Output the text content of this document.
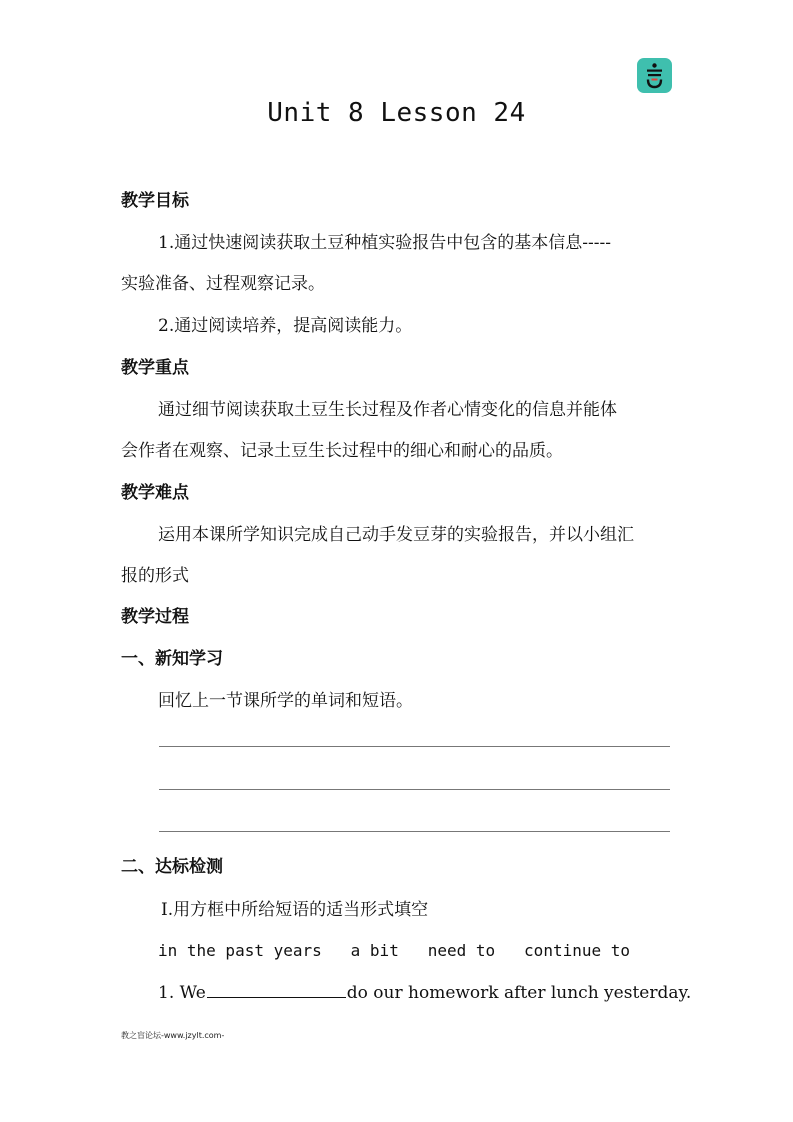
Unit 8 Lesson 24
教学目标
1.通过快速阅读获取土豆种植实验报告中包含的基本信息-----
实验准备、过程观察记录。
2.通过阅读培养，提高阅读能力。
教学重点
通过细节阅读获取土豆生长过程及作者心情变化的信息并能体
会作者在观察、记录土豆生长过程中的细心和耐心的品质。
教学难点
运用本课所学知识完成自己动手发豆芽的实验报告，并以小组汇
报的形式
教学过程
一、新知学习
回忆上一节课所学的单词和短语。
二、达标检测
Ⅰ.用方框中所给短语的适当形式填空
in the past years   a bit   need to   continue to
1. We	do our homework after lunch yesterday.
教之盲论坛-www.jzylt.com-
